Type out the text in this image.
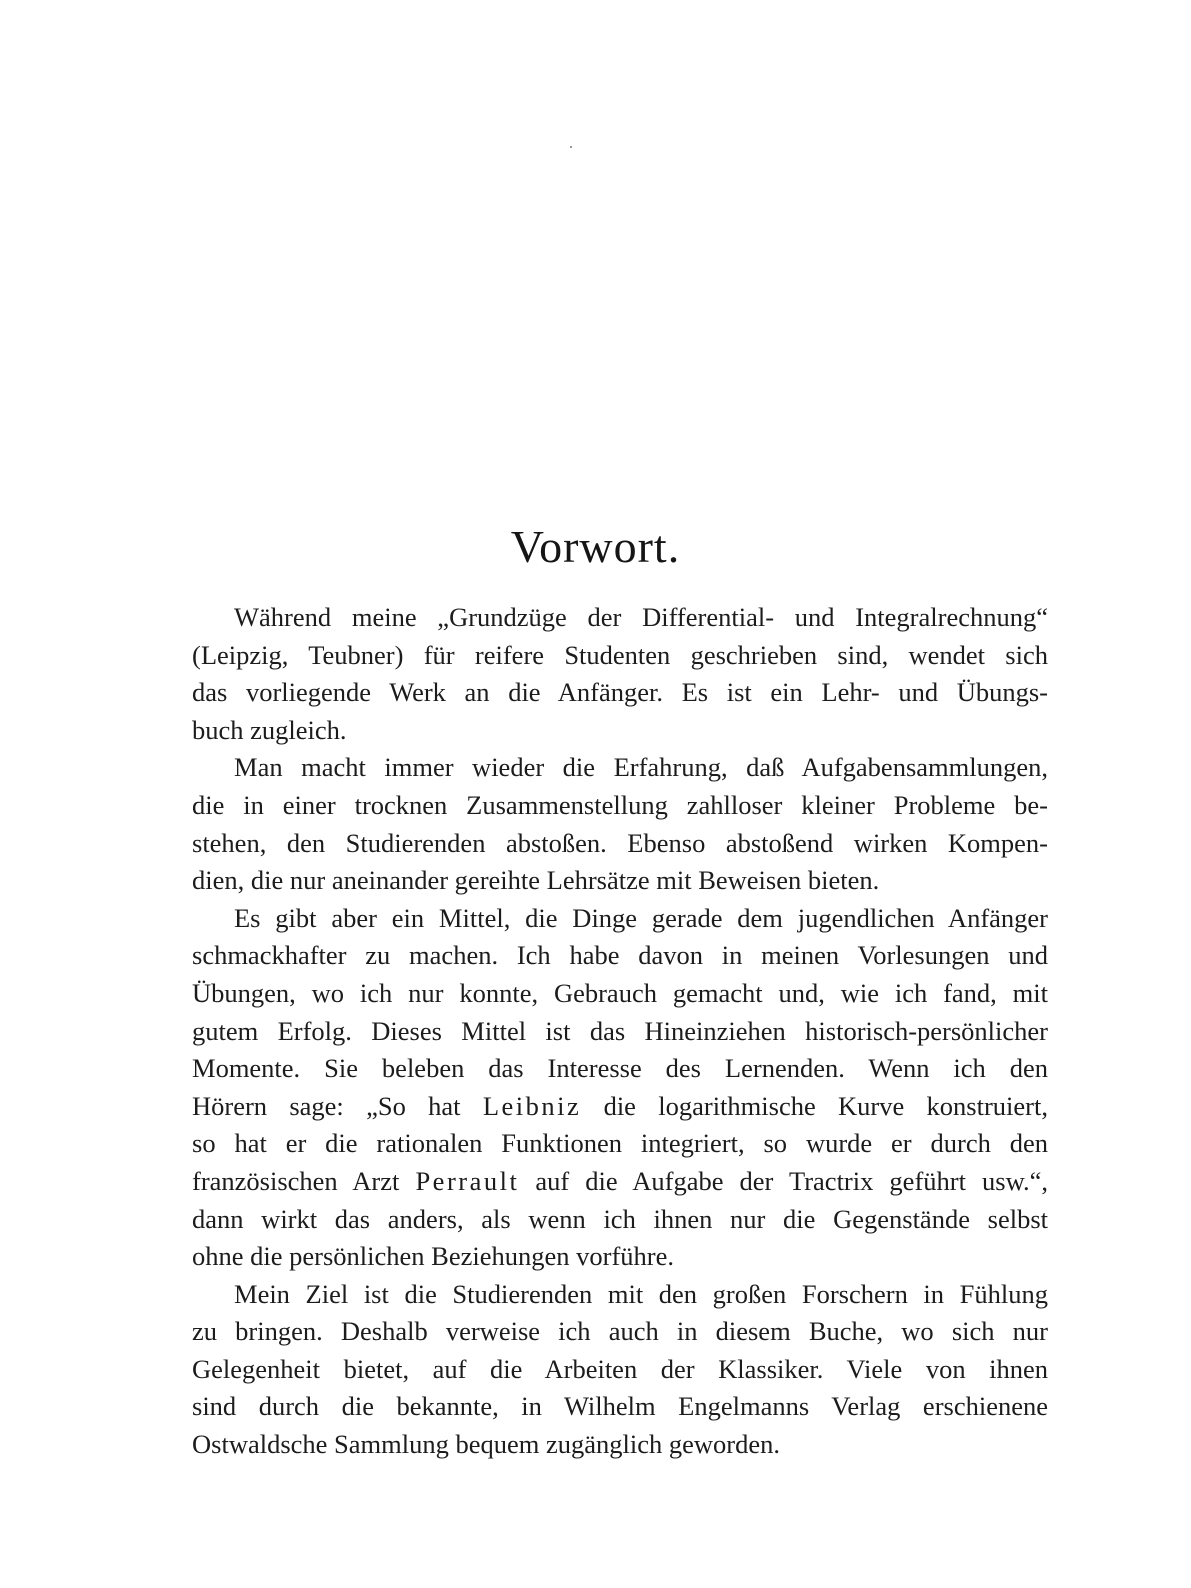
Vorwort.

Während meine „Grundzüge der Differential- und Integralrechnung“
(Leipzig, Teubner) für reifere Studenten geschrieben sind, wendet sich
das vorliegende Werk an die Anfänger. Es ist ein Lehr- und Übungs-
buch zugleich.

Man macht immer wieder die Erfahrung, daß Aufgabensammlungen,
die in einer trocknen Zusammenstellung zahlloser kleiner Probleme be-
stehen, den Studierenden abstoßen. Ebenso abstoßend wirken Kompen-
dien, die nur aneinander gereihte Lehrsätze mit Beweisen bieten.

Es gibt aber ein Mittel, die Dinge gerade dem jugendlichen Anfänger
schmackhafter zu machen. Ich habe davon in meinen Vorlesungen und
Übungen, wo ich nur konnte, Gebrauch gemacht und, wie ich fand, mit
gutem Erfolg. Dieses Mittel ist das Hineinziehen historisch-persönlicher
Momente. Sie beleben das Interesse des Lernenden. Wenn ich den
Hörern sage: „So hat Leibniz die logarithmische Kurve konstruiert,
so hat er die rationalen Funktionen integriert, so wurde er durch den
französischen Arzt Perrault auf die Aufgabe der Tractrix geführt usw.“,
dann wirkt das anders, als wenn ich ihnen nur die Gegenstände selbst
ohne die persönlichen Beziehungen vorführe.

Mein Ziel ist die Studierenden mit den großen Forschern in Fühlung
zu bringen. Deshalb verweise ich auch in diesem Buche, wo sich nur
Gelegenheit bietet, auf die Arbeiten der Klassiker. Viele von ihnen
sind durch die bekannte, in Wilhelm Engelmanns Verlag erschienene
Ostwaldsche Sammlung bequem zugänglich geworden.
